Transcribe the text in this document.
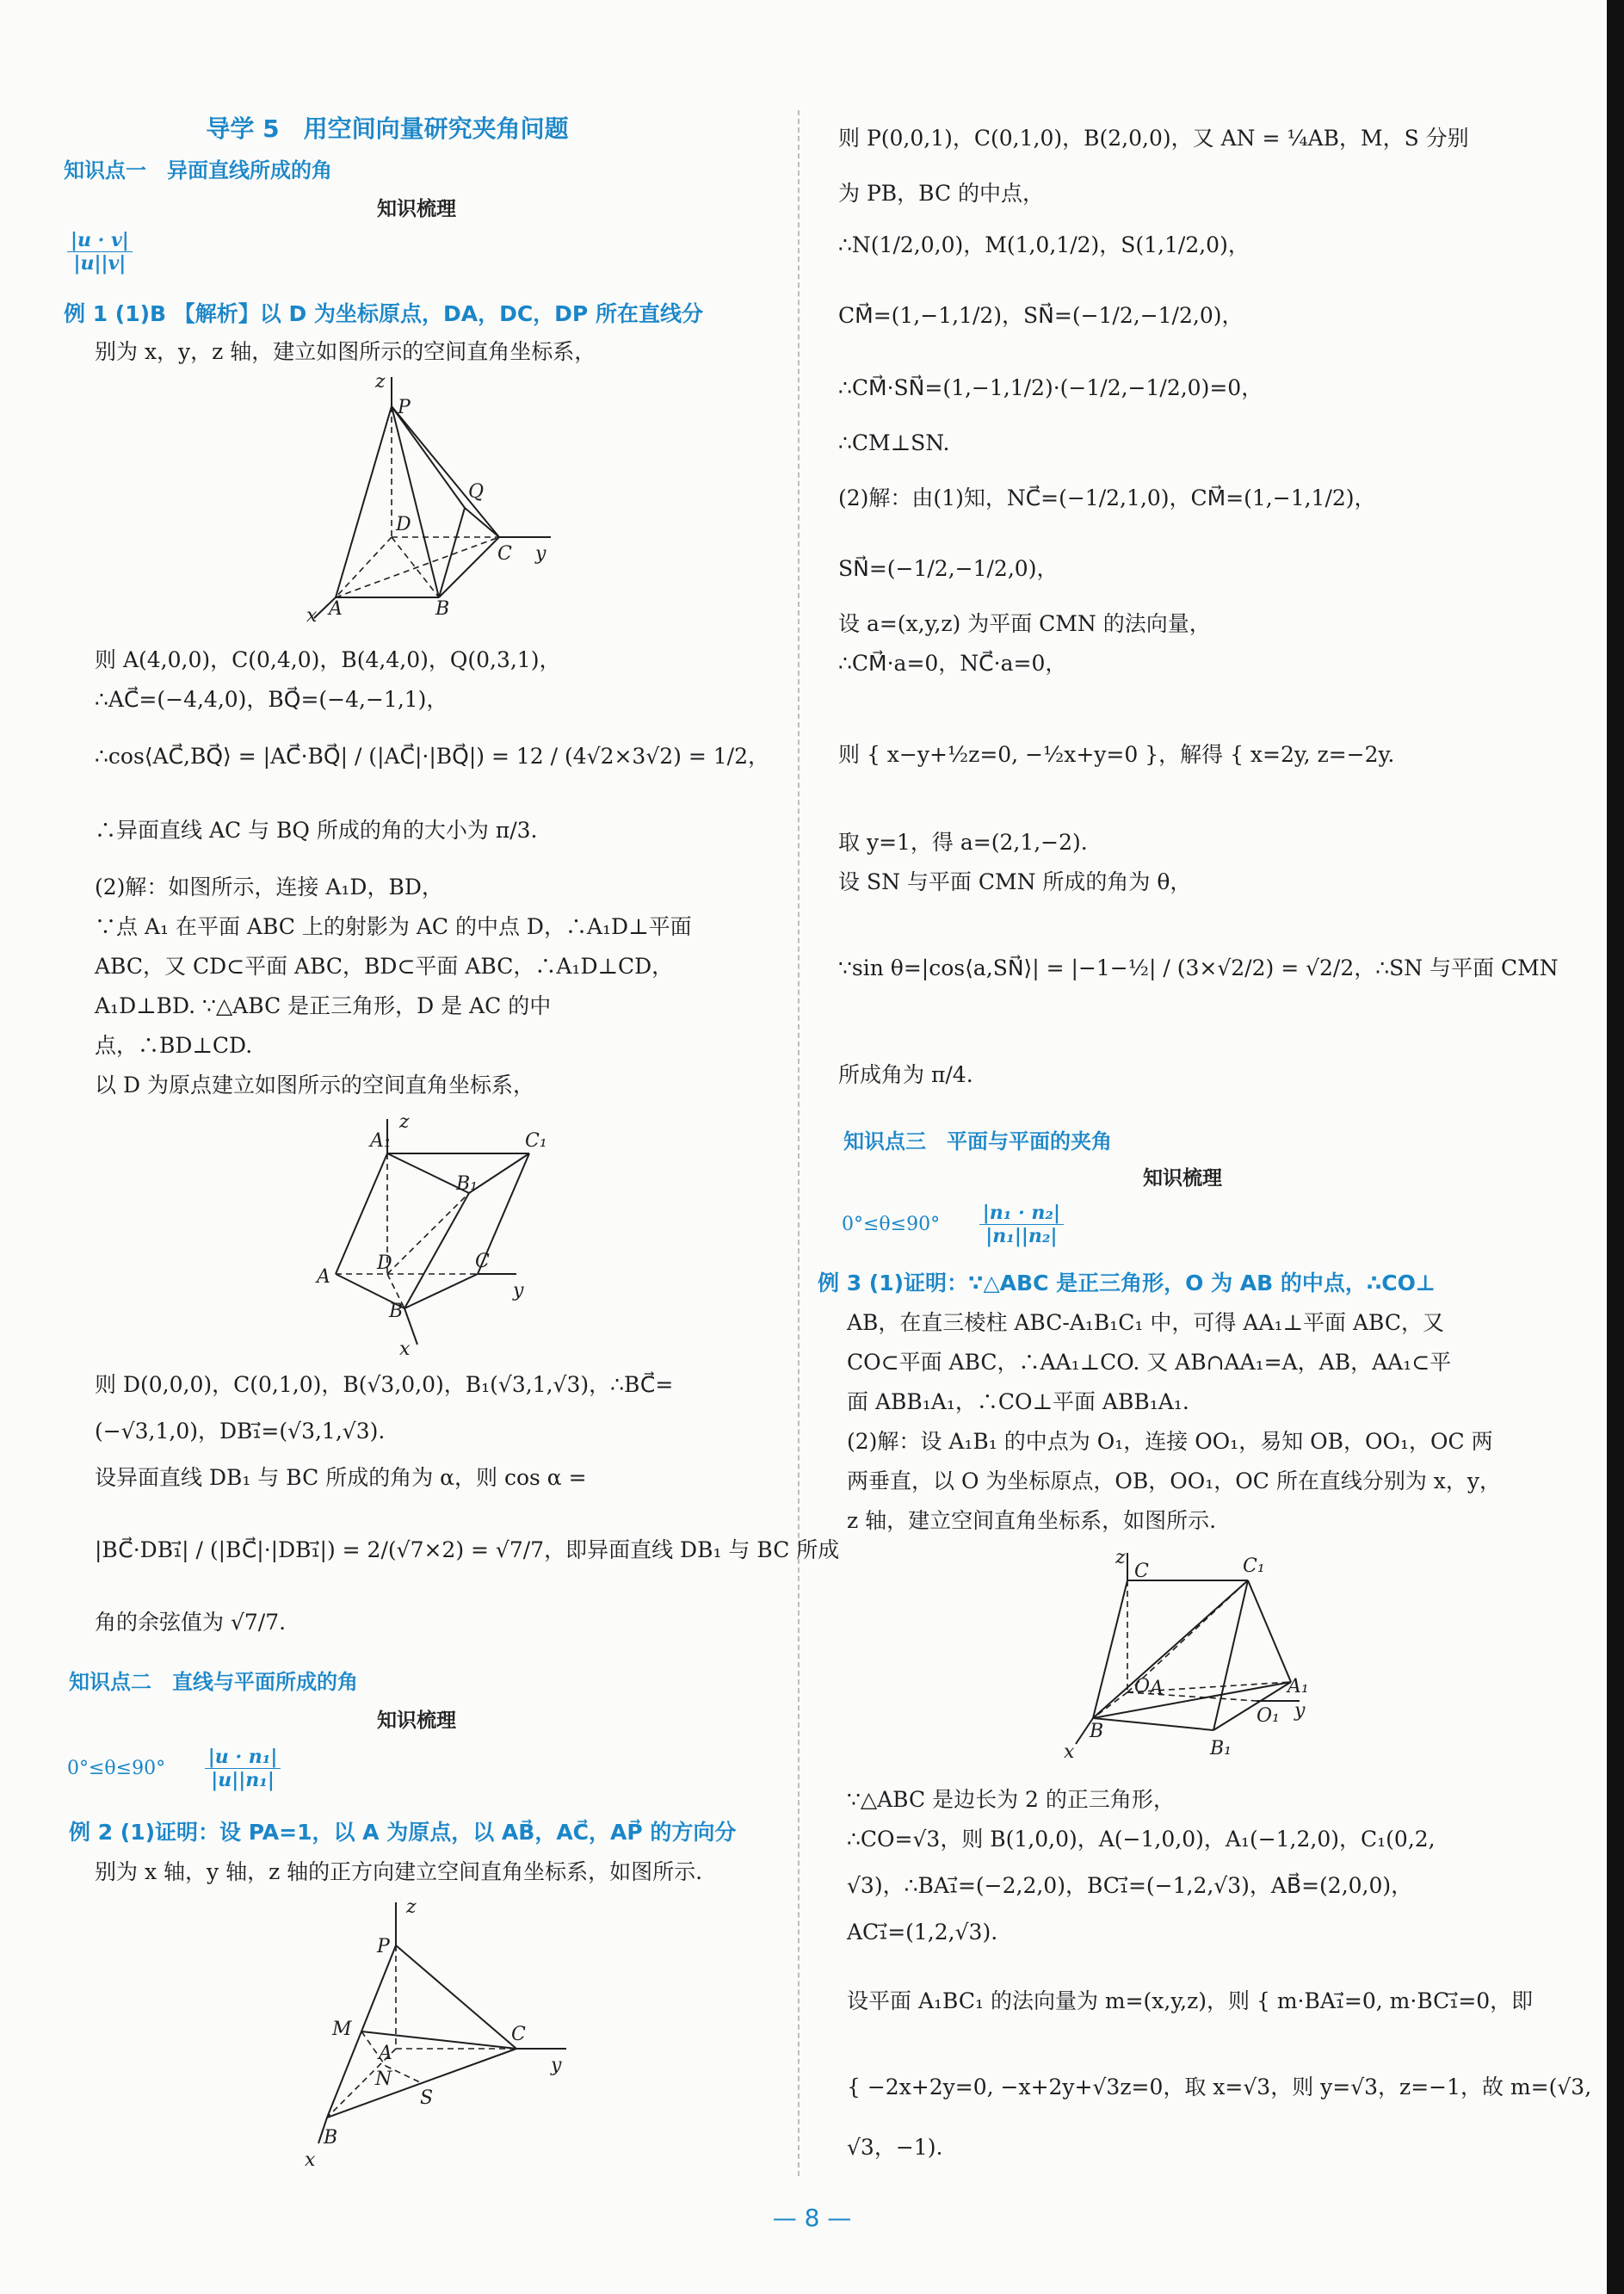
导学 5　用空间向量研究夹角问题
知识点一　异面直线所成的角
知识梳理
$\frac{|u \cdot v|}{|u||v|}$
例 1 (1)B 【解析】以 D 为坐标原点，DA，DC，DP 所在直线分
别为 x，y，z 轴，建立如图所示的空间直角坐标系，
z
P
Q
D
C y
A	B
x
则 A(4,0,0)，C(0,4,0)，B(4,4,0)，Q(0,3,1)，
∴AC⃗=(−4,4,0)，BQ⃗=(−4,−1,1)，
∴cos⟨AC⃗,BQ⃗⟩ = |AC⃗·BQ⃗| / (|AC⃗|·|BQ⃗|) = 12 / (4√2×3√2) = 1/2，
∴异面直线 AC 与 BQ 所成的角的大小为 π/3.
(2)解：如图所示，连接 A₁D，BD，
∵点 A₁ 在平面 ABC 上的射影为 AC 的中点 D，∴A₁D⊥平面
ABC，又 CD⊂平面 ABC，BD⊂平面 ABC，∴A₁D⊥CD，
A₁D⊥BD. ∵△ABC 是正三角形，D 是 AC 的中
点，∴BD⊥CD.
以 D 为原点建立如图所示的空间直角坐标系，
z
A₁	C₁
B₁
A
D	C
y
B
x
则 D(0,0,0)，C(0,1,0)，B(√3,0,0)，B₁(√3,1,√3)，∴BC⃗=
(−√3,1,0)，DB₁⃗=(√3,1,√3).
设异面直线 DB₁ 与 BC 所成的角为 α，则 cos α =
|BC⃗·DB₁⃗| / (|BC⃗|·|DB₁⃗|) = 2/(√7×2) = √7/7，即异面直线 DB₁ 与 BC 所成
角的余弦值为 √7/7.
知识点二　直线与平面所成的角
知识梳理
$0^\circ\le\theta\le 90^\circ \frac{\text{|u · n₁|}}{\text{|u||n₁|}}$
例 2 (1)证明：设 PA=1，以 A 为原点，以 AB⃗，AC⃗，AP⃗ 的方向分
别为 x 轴，y 轴，z 轴的正方向建立空间直角坐标系，如图所示.
z
P
M
A
N
S
C
y
B
x
则 P(0,0,1)，C(0,1,0)，B(2,0,0)，又 AN = ¼AB，M，S 分别
为 PB，BC 的中点，
∴N(1/2,0,0)，M(1,0,1/2)，S(1,1/2,0)，
CM⃗=(1,−1,1/2)，SN⃗=(−1/2,−1/2,0)，
∴CM⃗·SN⃗=(1,−1,1/2)·(−1/2,−1/2,0)=0，
∴CM⊥SN.
(2)解：由(1)知，NC⃗=(−1/2,1,0)，CM⃗=(1,−1,1/2)，
SN⃗=(−1/2,−1/2,0)，
设 a=(x,y,z) 为平面 CMN 的法向量，
∴CM⃗·a=0，NC⃗·a=0，
则 { x−y+½z=0, −½x+y=0 }，解得 { x=2y, z=−2y.
取 y=1，得 a=(2,1,−2).
设 SN 与平面 CMN 所成的角为 θ，
∵sin θ=|cos⟨a,SN⃗⟩| = |−1−½| / (3×√2/2) = √2/2，∴SN 与平面 CMN
所成角为 π/4.
知识点三　平面与平面的夹角
知识梳理
$0^\circ\le\theta\le 90^\circ \frac{\text{|n₁ · n₂|}}{\text{|n₁||n₂|}}$
例 3 (1)证明：∵△ABC 是正三角形，O 为 AB 的中点，∴CO⊥
AB，在直三棱柱 ABC-A₁B₁C₁ 中，可得 AA₁⊥平面 ABC，又
CO⊂平面 ABC，∴AA₁⊥CO. 又 AB∩AA₁=A，AB，AA₁⊂平
面 ABB₁A₁，∴CO⊥平面 ABB₁A₁.
(2)解：设 A₁B₁ 的中点为 O₁，连接 OO₁，易知 OB，OO₁，OC 两
两垂直，以 O 为坐标原点，OB，OO₁，OC 所在直线分别为 x，y，
z 轴，建立空间直角坐标系，如图所示.
z
C	C₁
O A	A₁
O₁ y
B
B₁
x
∵△ABC 是边长为 2 的正三角形，
∴CO=√3，则 B(1,0,0)，A(−1,0,0)，A₁(−1,2,0)，C₁(0,2,
√3)，∴BA₁⃗=(−2,2,0)，BC₁⃗=(−1,2,√3)，AB⃗=(2,0,0)，
AC₁⃗=(1,2,√3).
设平面 A₁BC₁ 的法向量为 m=(x,y,z)，则 { m·BA₁⃗=0, m·BC₁⃗=0，即
{ −2x+2y=0, −x+2y+√3z=0，取 x=√3，则 y=√3，z=−1，故 m=(√3,
√3，−1).
— 8 —
